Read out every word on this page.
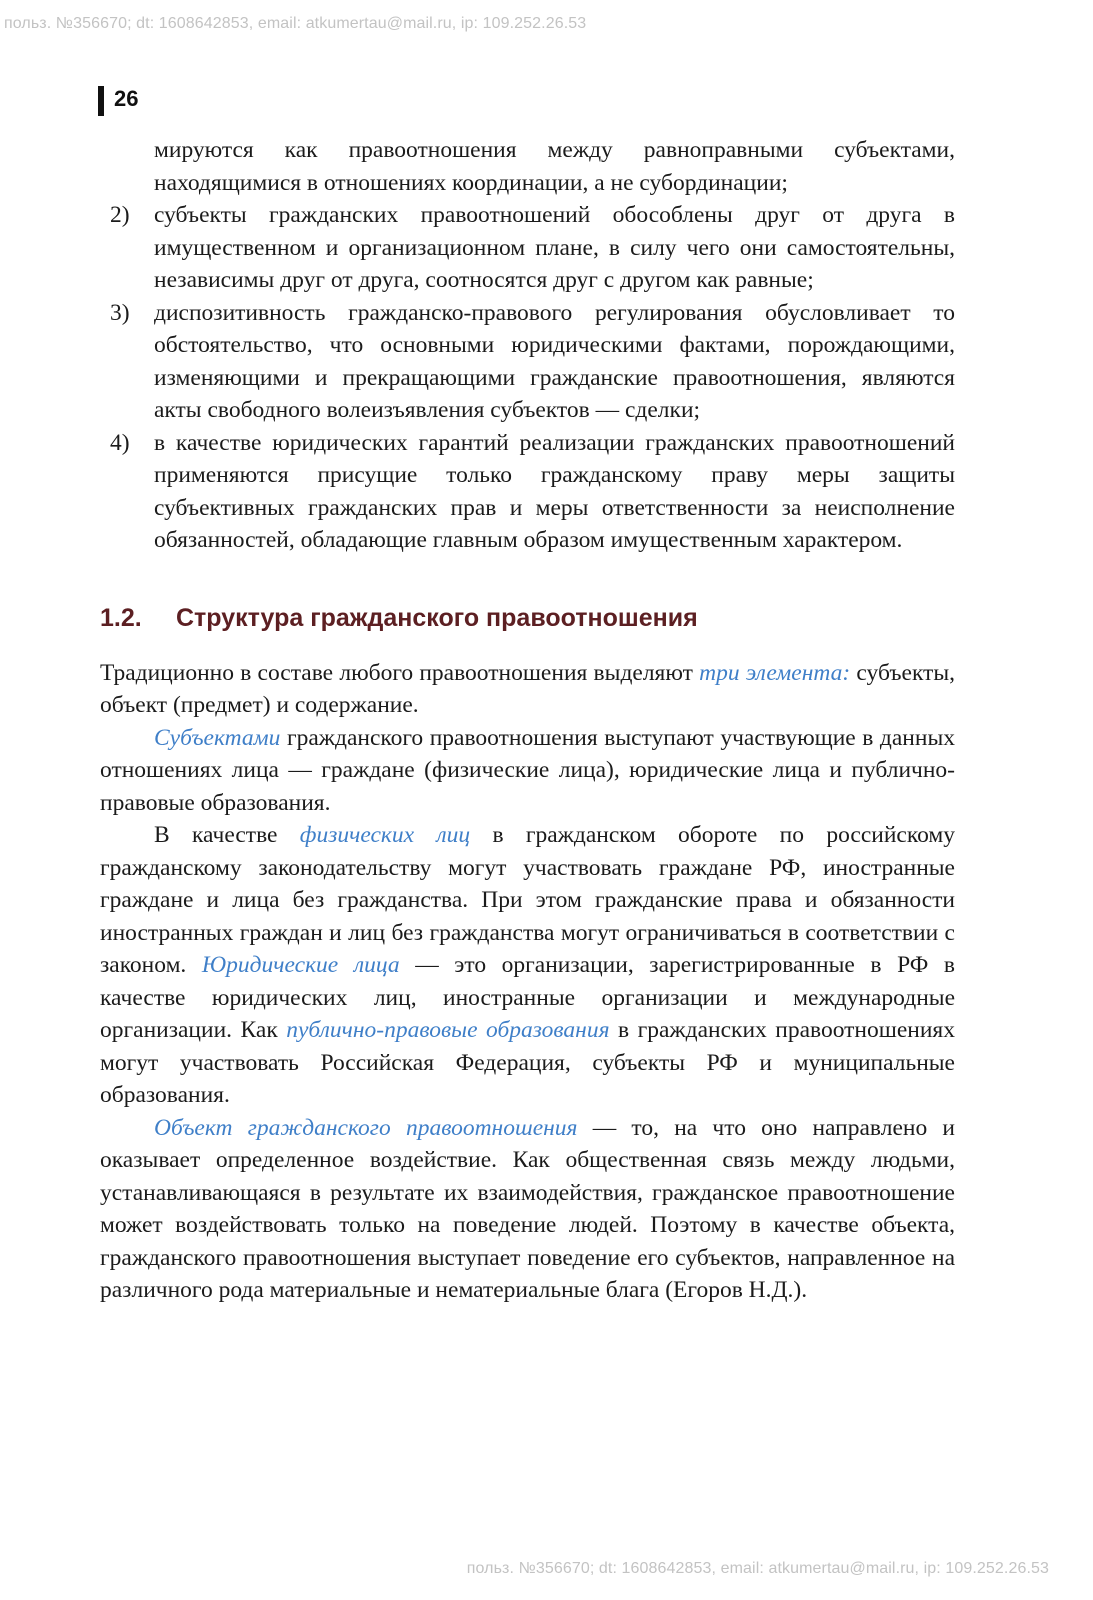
польз. №356670; dt: 1608642853, email: atkumertau@mail.ru, ip: 109.252.26.53
26
мируются как правоотношения между равноправными субъектами, находящимися в отношениях координации, а не субординации;
2) субъекты гражданских правоотношений обособлены друг от друга в имущественном и организационном плане, в силу чего они самостоятельны, независимы друг от друга, соотносятся друг с другом как равные;
3) диспозитивность гражданско-правового регулирования обусловливает то обстоятельство, что основными юридическими фактами, порождающими, изменяющими и прекращающими гражданские правоотношения, являются акты свободного волеизъявления субъектов — сделки;
4) в качестве юридических гарантий реализации гражданских правоотношений применяются присущие только гражданскому праву меры защиты субъективных гражданских прав и меры ответственности за неисполнение обязанностей, обладающие главным образом имущественным характером.
1.2. Структура гражданского правоотношения

Традиционно в составе любого правоотношения выделяют три элемента: субъекты, объект (предмет) и содержание.

Субъектами гражданского правоотношения выступают участвующие в данных отношениях лица — граждане (физические лица), юридические лица и публично-правовые образования.

В качестве физических лиц в гражданском обороте по российскому гражданскому законодательству могут участвовать граждане РФ, иностранные граждане и лица без гражданства. При этом гражданские права и обязанности иностранных граждан и лиц без гражданства могут ограничиваться в соответствии с законом. Юридические лица — это организации, зарегистрированные в РФ в качестве юридических лиц, иностранные организации и международные организации. Как публично-правовые образования в гражданских правоотношениях могут участвовать Российская Федерация, субъекты РФ и муниципальные образования.

Объект гражданского правоотношения — то, на что оно направлено и оказывает определенное воздействие. Как общественная связь между людьми, устанавливающаяся в результате их взаимодействия, гражданское правоотношение может воздействовать только на поведение людей. Поэтому в качестве объекта, гражданского правоотношения выступает поведение его субъектов, направленное на различного рода материальные и нематериальные блага (Егоров Н.Д.).

польз. №356670; dt: 1608642853, email: atkumertau@mail.ru, ip: 109.252.26.53
